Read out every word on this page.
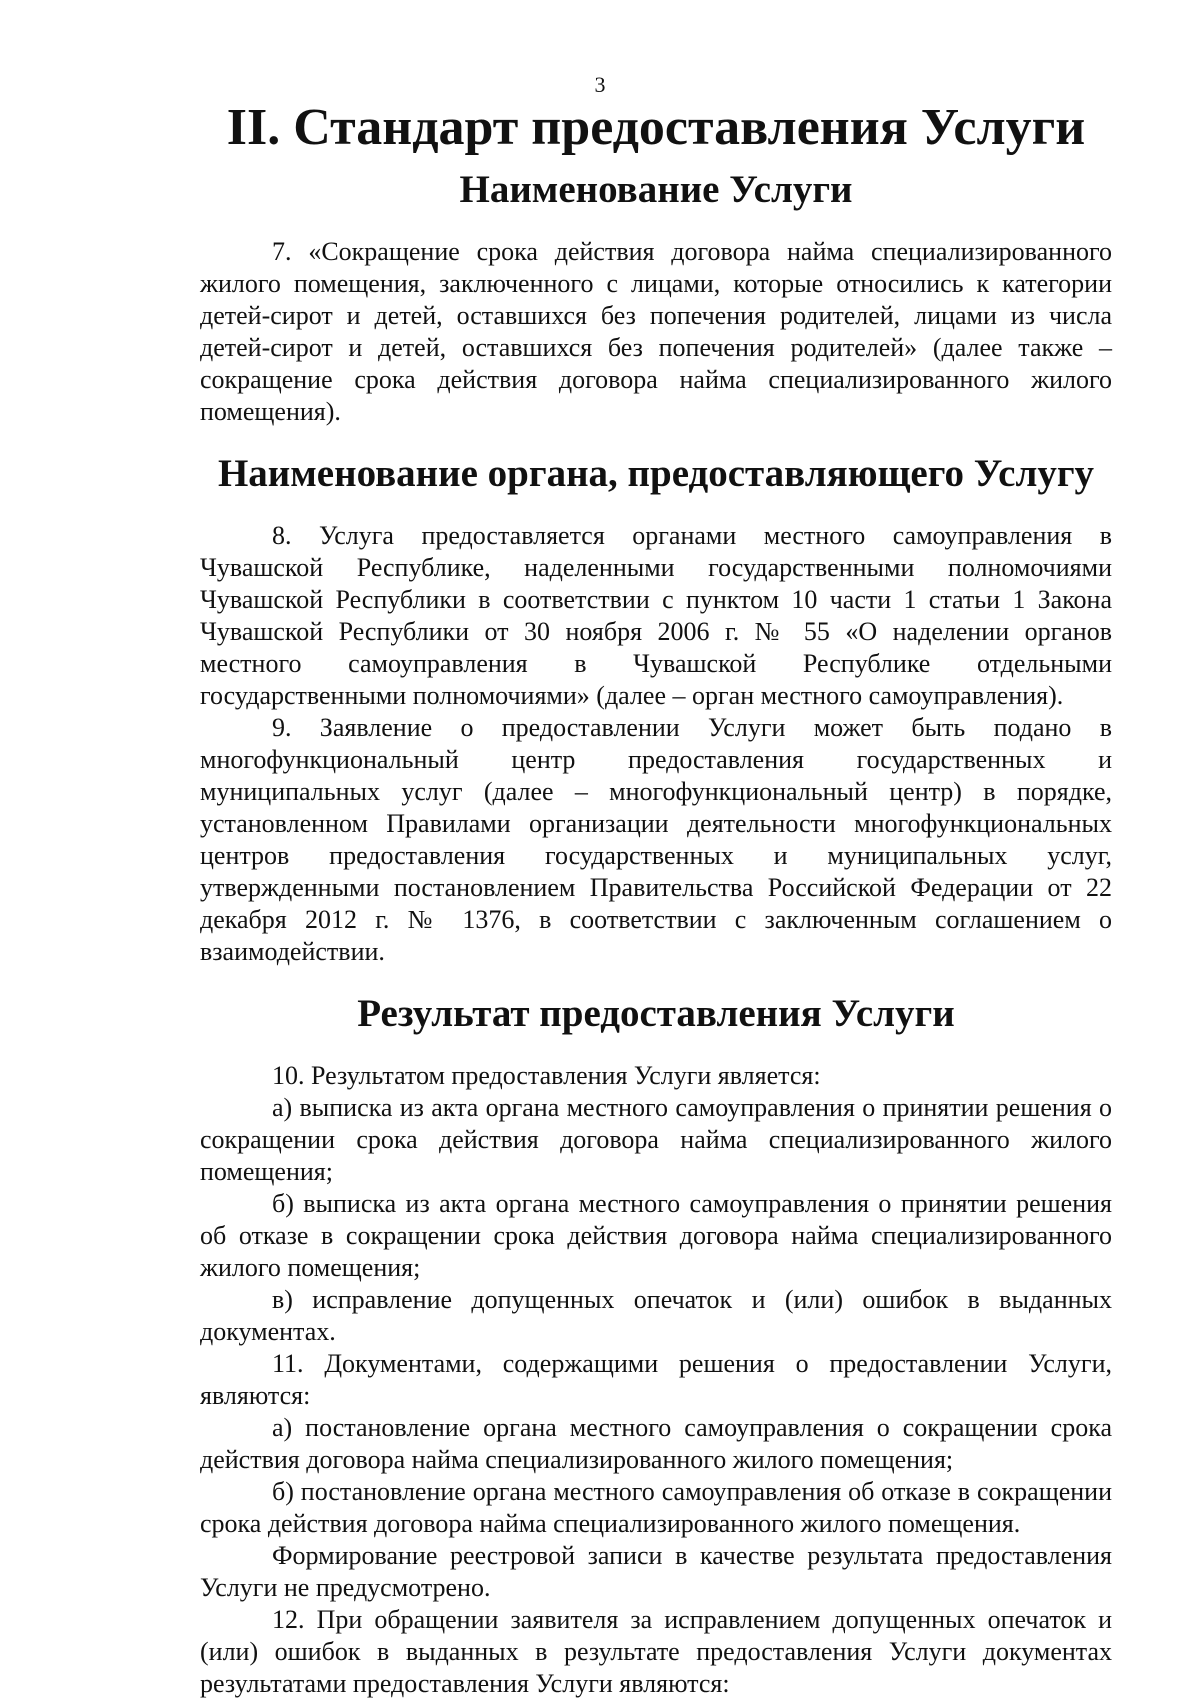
3
II. Стандарт предоставления Услуги
Наименование Услуги

7. «Сокращение срока действия договора найма специализированного жилого помещения, заключенного с лицами, которые относились к категории детей-сирот и детей, оставшихся без попечения родителей, лицами из числа детей-сирот и детей, оставшихся без попечения родителей» (далее также – сокращение срока действия договора найма специализированного жилого помещения).

Наименование органа, предоставляющего Услугу

8. Услуга предоставляется органами местного самоуправления в Чувашской Республике, наделенными государственными полномочиями Чувашской Республики в соответствии с пунктом 10 части 1 статьи 1 Закона Чувашской Республики от 30 ноября 2006 г. № 55 «О наделении органов местного самоуправления в Чувашской Республике отдельными государственными полномочиями» (далее – орган местного самоуправления).

9. Заявление о предоставлении Услуги может быть подано в многофункциональный центр предоставления государственных и муниципальных услуг (далее – многофункциональный центр) в порядке, установленном Правилами организации деятельности многофункциональных центров предоставления государственных и муниципальных услуг, утвержденными постановлением Правительства Российской Федерации от 22 декабря 2012 г. № 1376, в соответствии с заключенным соглашением о взаимодействии.

Результат предоставления Услуги

10. Результатом предоставления Услуги является:

а) выписка из акта органа местного самоуправления о принятии решения о сокращении срока действия договора найма специализированного жилого помещения;

б) выписка из акта органа местного самоуправления о принятии решения об отказе в сокращении срока действия договора найма специализированного жилого помещения;

в) исправление допущенных опечаток и (или) ошибок в выданных документах.

11. Документами, содержащими решения о предоставлении Услуги, являются:

а) постановление органа местного самоуправления о сокращении срока действия договора найма специализированного жилого помещения;

б) постановление органа местного самоуправления об отказе в сокращении срока действия договора найма специализированного жилого помещения.

Формирование реестровой записи в качестве результата предоставления Услуги не предусмотрено.

12. При обращении заявителя за исправлением допущенных опечаток и (или) ошибок в выданных в результате предоставления Услуги документах результатами предоставления Услуги являются:
